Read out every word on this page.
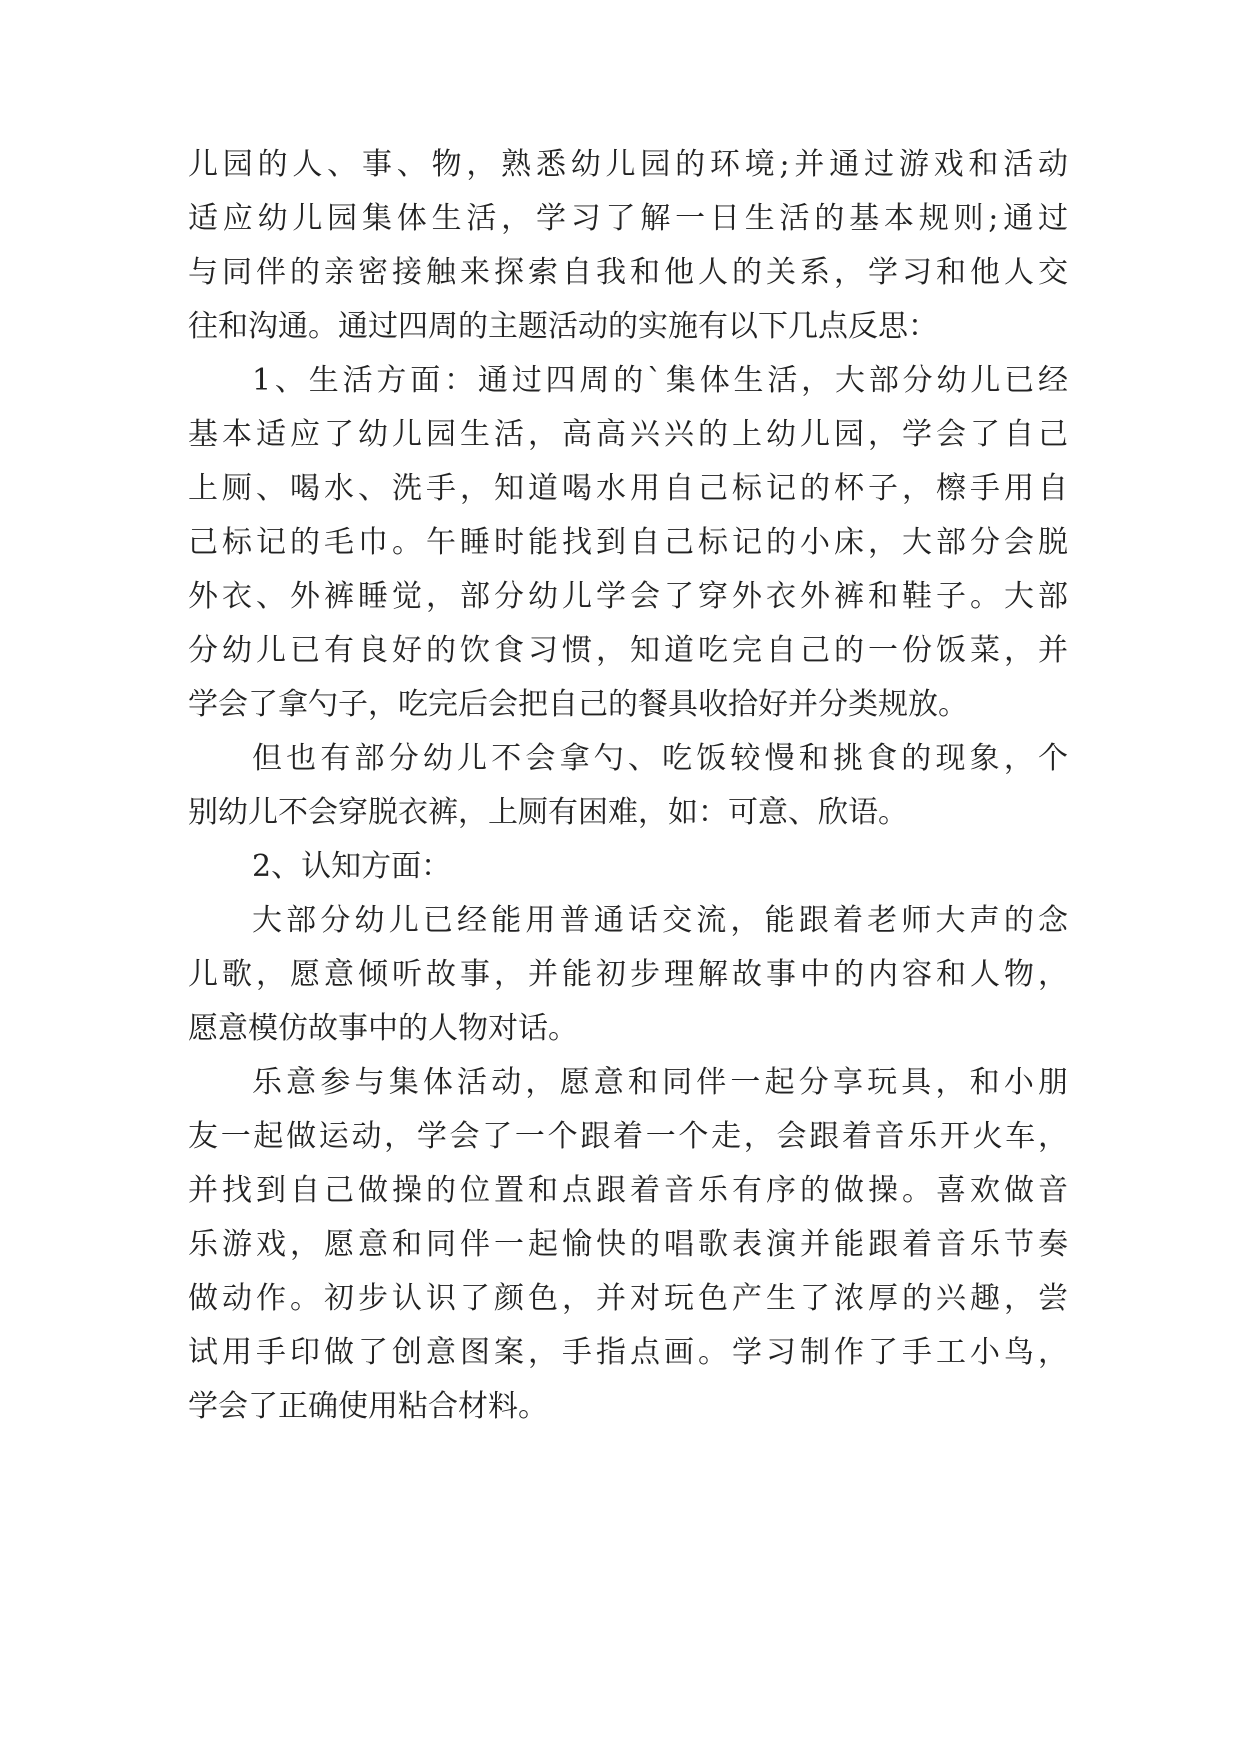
儿园的人、事、物，熟悉幼儿园的环境;并通过游戏和活动
适应幼儿园集体生活，学习了解一日生活的基本规则;通过
与同伴的亲密接触来探索自我和他人的关系，学习和他人交
往和沟通。通过四周的主题活动的实施有以下几点反思：
1、生活方面：通过四周的`集体生活，大部分幼儿已经
基本适应了幼儿园生活，高高兴兴的上幼儿园，学会了自己
上厕、喝水、洗手，知道喝水用自己标记的杯子，檫手用自
己标记的毛巾。午睡时能找到自己标记的小床，大部分会脱
外衣、外裤睡觉，部分幼儿学会了穿外衣外裤和鞋子。大部
分幼儿已有良好的饮食习惯，知道吃完自己的一份饭菜，并
学会了拿勺子，吃完后会把自己的餐具收拾好并分类规放。
但也有部分幼儿不会拿勺、吃饭较慢和挑食的现象，个
别幼儿不会穿脱衣裤，上厕有困难，如：可意、欣语。
2、认知方面：
大部分幼儿已经能用普通话交流，能跟着老师大声的念
儿歌，愿意倾听故事，并能初步理解故事中的内容和人物，
愿意模仿故事中的人物对话。
乐意参与集体活动，愿意和同伴一起分享玩具，和小朋
友一起做运动，学会了一个跟着一个走，会跟着音乐开火车，
并找到自己做操的位置和点跟着音乐有序的做操。喜欢做音
乐游戏，愿意和同伴一起愉快的唱歌表演并能跟着音乐节奏
做动作。初步认识了颜色，并对玩色产生了浓厚的兴趣，尝
试用手印做了创意图案，手指点画。学习制作了手工小鸟，
学会了正确使用粘合材料。
